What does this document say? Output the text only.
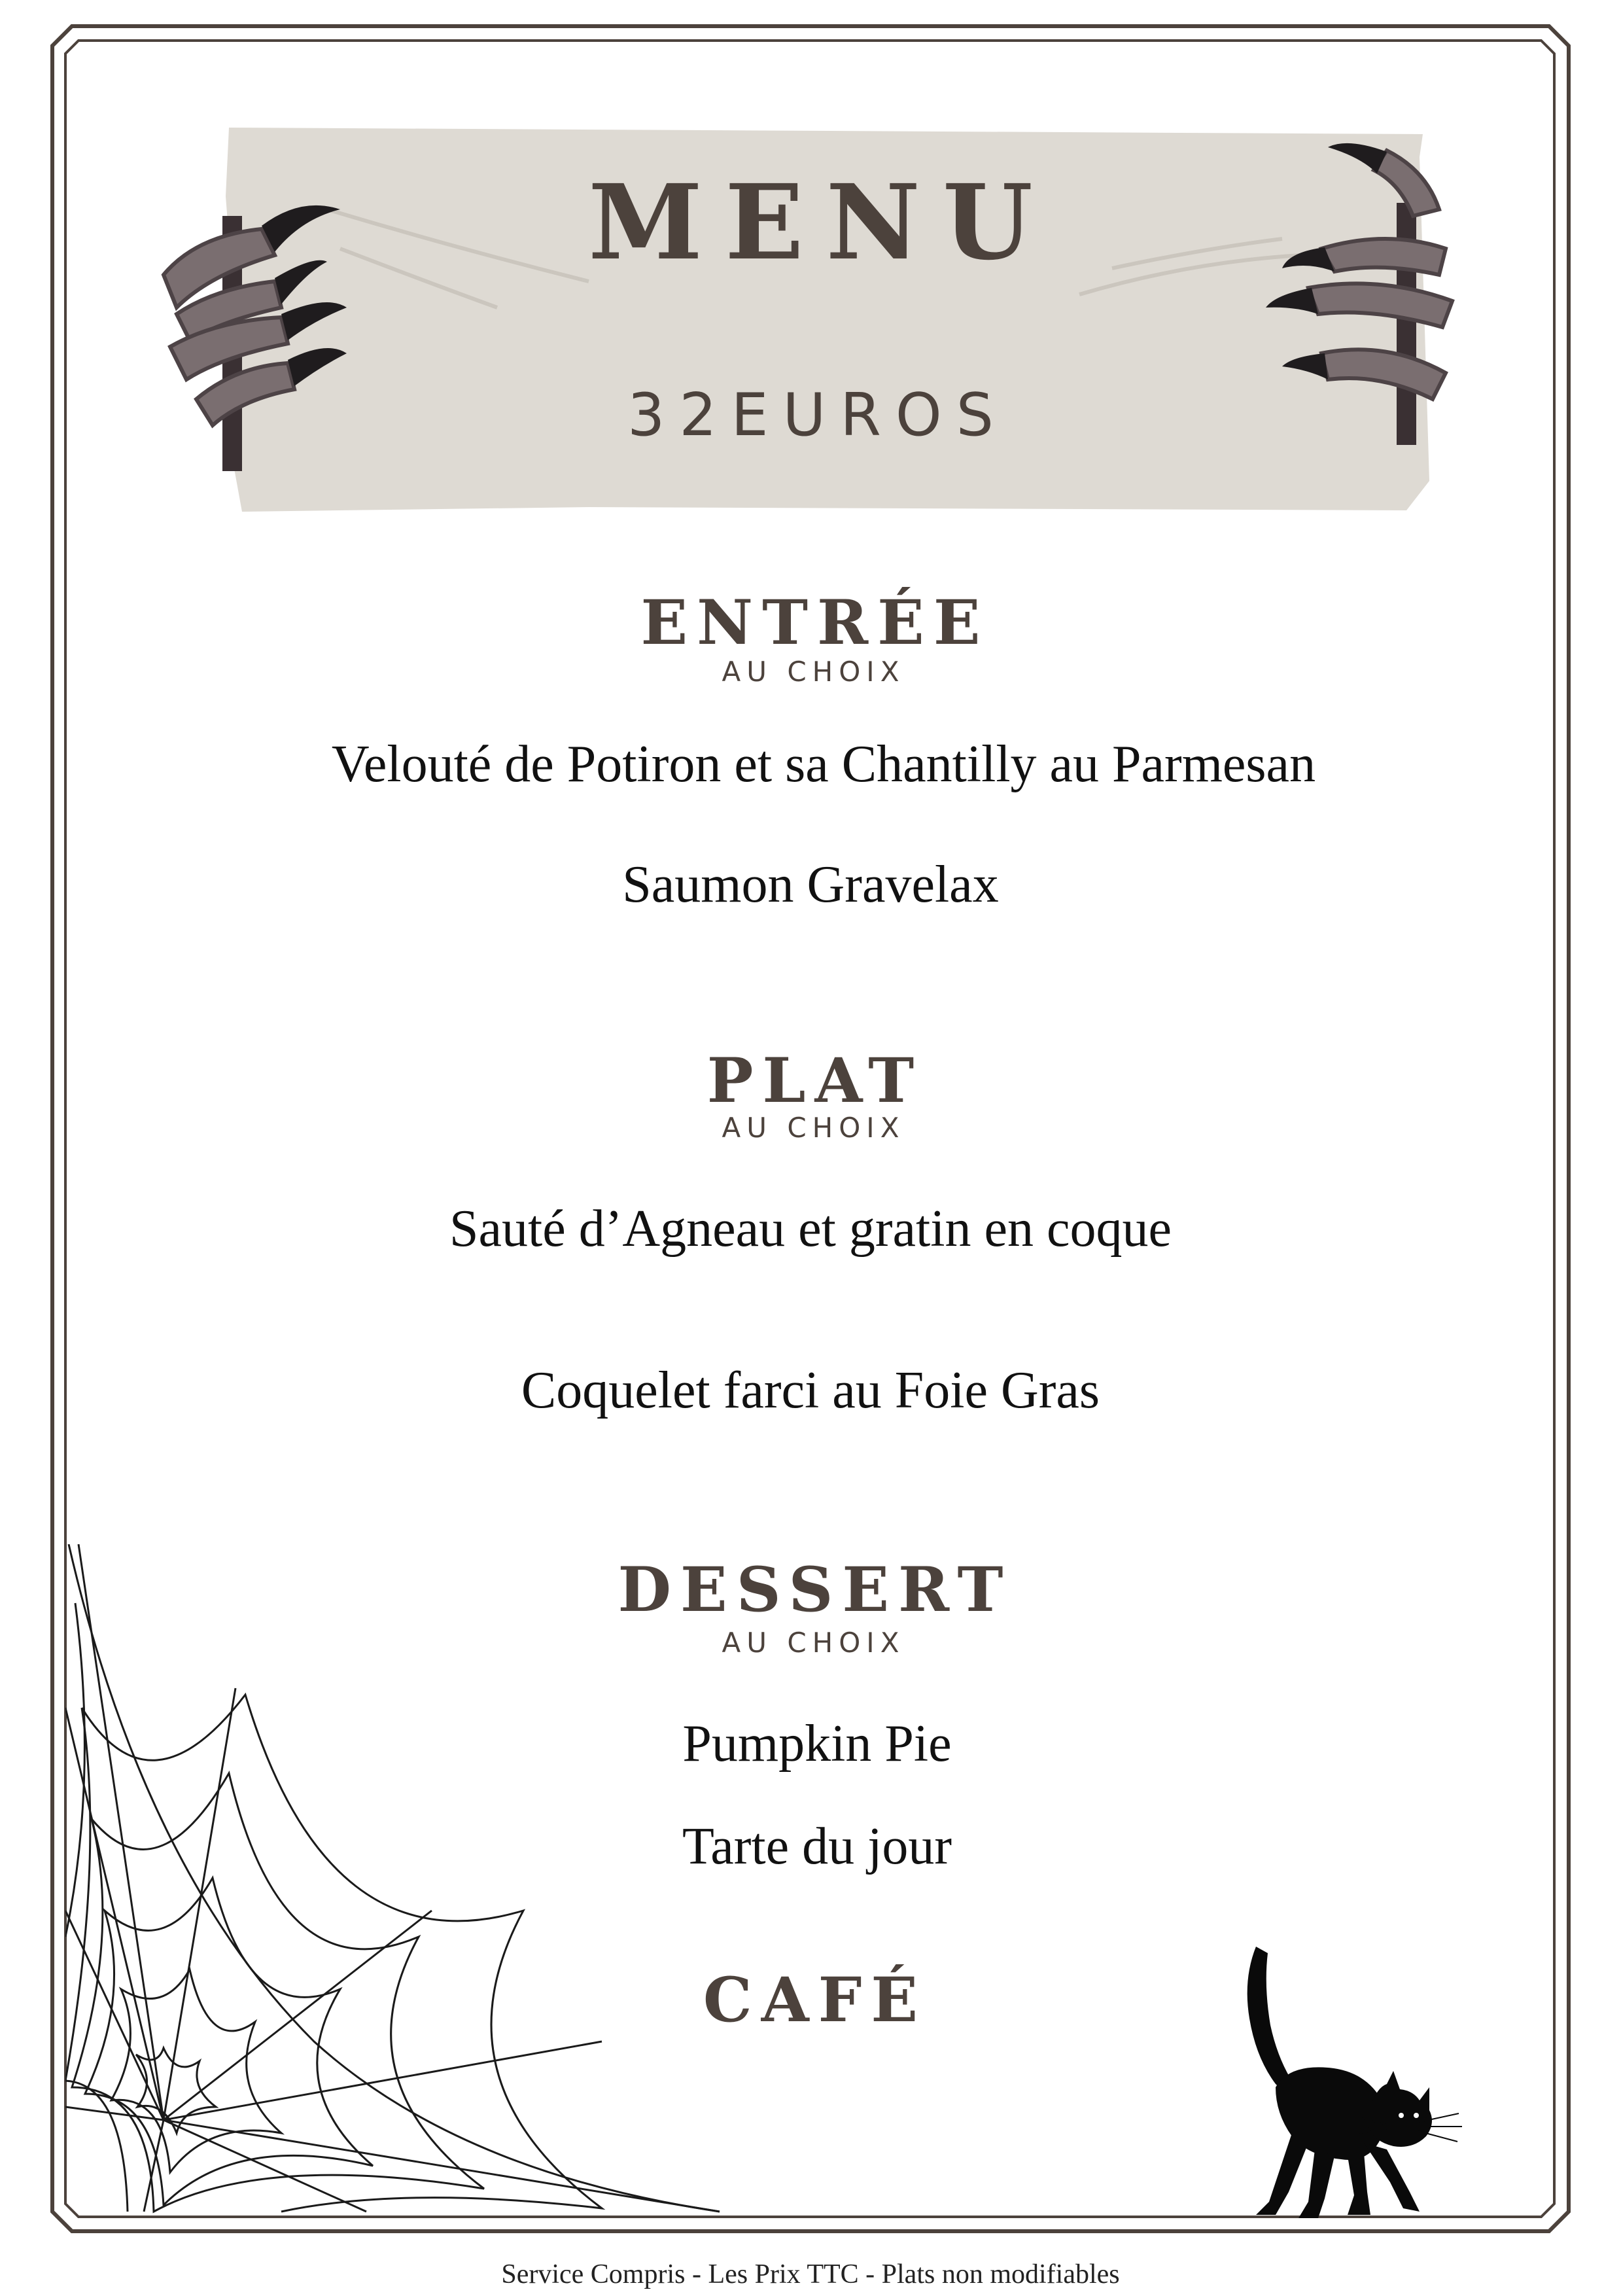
MENU
32EUROS
ENTRÉE
AU CHOIX
Velouté de Potiron et sa Chantilly au Parmesan
Saumon Gravelax
PLAT
AU CHOIX
Sauté d’Agneau et gratin en coque
Coquelet farci au Foie Gras
DESSERT
AU CHOIX
Pumpkin Pie
Tarte du jour
CAFÉ
Service Compris - Les Prix TTC - Plats non modifiables
